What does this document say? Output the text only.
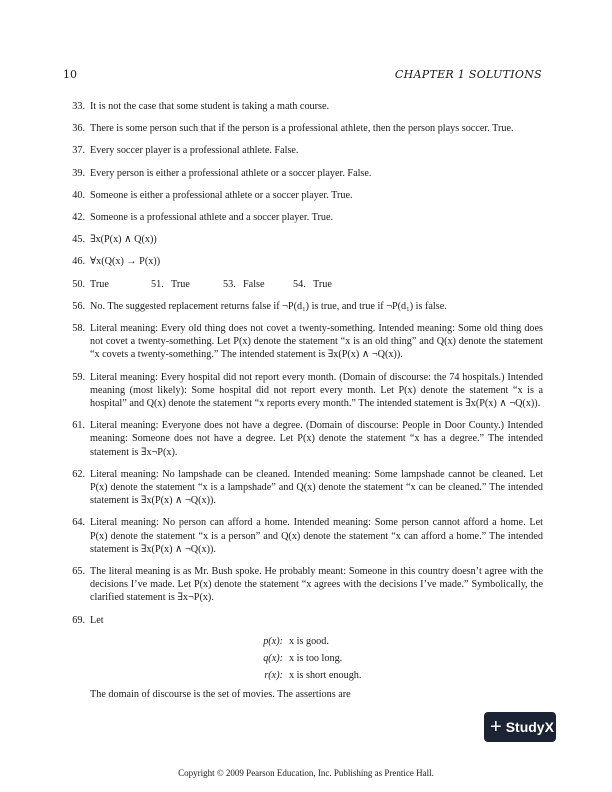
10	CHAPTER 1 SOLUTIONS
33. It is not the case that some student is taking a math course.
36. There is some person such that if the person is a professional athlete, then the person plays soccer. True.
37. Every soccer player is a professional athlete. False.
39. Every person is either a professional athlete or a soccer player. False.
40. Someone is either a professional athlete or a soccer player. True.
42. Someone is a professional athlete and a soccer player. True.
45. ∃x(P(x) ∧ Q(x))
46. ∀x(Q(x) → P(x))
50. True	51. True	53. False	54. True
56. No. The suggested replacement returns false if ¬P(d₁) is true, and true if ¬P(d₁) is false.
58. Literal meaning: Every old thing does not covet a twenty-something. Intended meaning: Some old thing does not covet a twenty-something. Let P(x) denote the statement “x is an old thing” and Q(x) denote the statement “x covets a twenty-something.” The intended statement is ∃x(P(x) ∧ ¬Q(x)).
59. Literal meaning: Every hospital did not report every month. (Domain of discourse: the 74 hospitals.) Intended meaning (most likely): Some hospital did not report every month. Let P(x) denote the statement “x is a hospital” and Q(x) denote the statement “x reports every month.” The intended statement is ∃x(P(x) ∧ ¬Q(x)).
61. Literal meaning: Everyone does not have a degree. (Domain of discourse: People in Door County.) Intended meaning: Someone does not have a degree. Let P(x) denote the statement “x has a degree.” The intended statement is ∃x¬P(x).
62. Literal meaning: No lampshade can be cleaned. Intended meaning: Some lampshade cannot be cleaned. Let P(x) denote the statement “x is a lampshade” and Q(x) denote the statement “x can be cleaned.” The intended statement is ∃x(P(x) ∧ ¬Q(x)).
64. Literal meaning: No person can afford a home. Intended meaning: Some person cannot afford a home. Let P(x) denote the statement “x is a person” and Q(x) denote the statement “x can afford a home.” The intended statement is ∃x(P(x) ∧ ¬Q(x)).
65. The literal meaning is as Mr. Bush spoke. He probably meant: Someone in this country doesn’t agree with the decisions I’ve made. Let P(x) denote the statement “x agrees with the decisions I’ve made.” Symbolically, the clarified statement is ∃x¬P(x).
69. Let
p(x): x is good.
q(x): x is too long.
r(x): x is short enough.
The domain of discourse is the set of movies. The assertions are
+ StudyX
Copyright © 2009 Pearson Education, Inc. Publishing as Prentice Hall.
